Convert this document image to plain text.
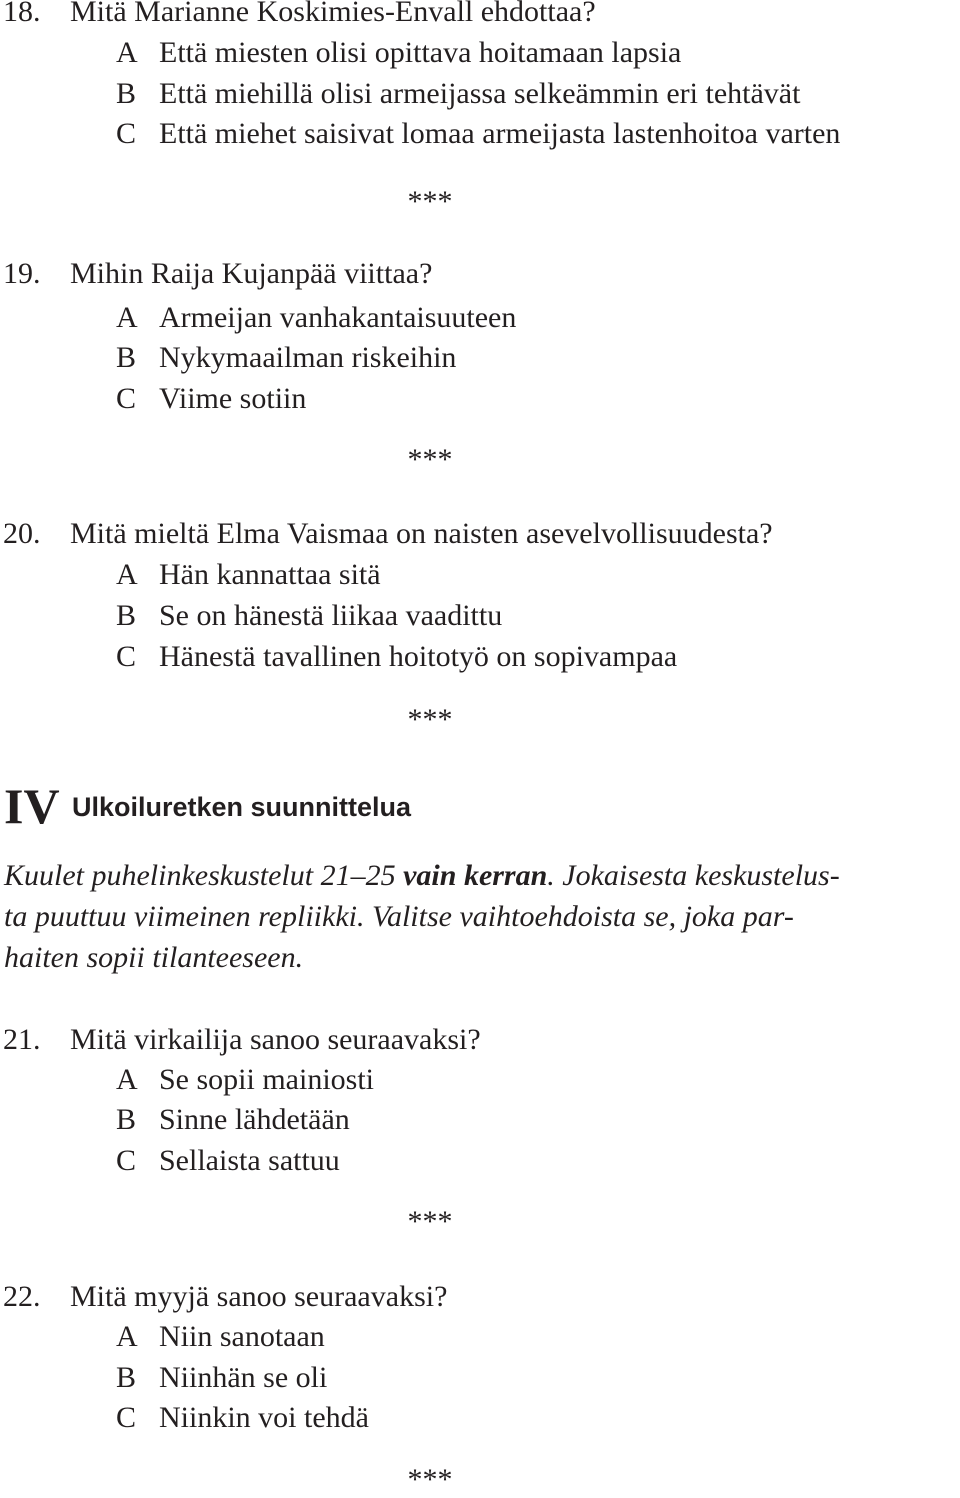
18. Mitä Marianne Koskimies-Envall ehdottaa?
A Että miesten olisi opittava hoitamaan lapsia
B Että miehillä olisi armeijassa selkeämmin eri tehtävät
C Että miehet saisivat lomaa armeijasta lastenhoitoa varten
***
19. Mihin Raija Kujanpää viittaa?
A Armeijan vanhakantaisuuteen
B Nykymaailman riskeihin
C Viime sotiin
***
20. Mitä mieltä Elma Vaismaa on naisten asevelvollisuudesta?
A Hän kannattaa sitä
B Se on hänestä liikaa vaadittu
C Hänestä tavallinen hoitotyö on sopivampaa
***
IV Ulkoiluretken suunnittelua
Kuulet puhelinkeskustelut 21–25 vain kerran. Jokaisesta keskustelus-
ta puuttuu viimeinen repliikki. Valitse vaihtoehdoista se, joka par-
haiten sopii tilanteeseen.
21. Mitä virkailija sanoo seuraavaksi?
A Se sopii mainiosti
B Sinne lähdetään
C Sellaista sattuu
***
22. Mitä myyjä sanoo seuraavaksi?
A Niin sanotaan
B Niinhän se oli
C Niinkin voi tehdä
***
